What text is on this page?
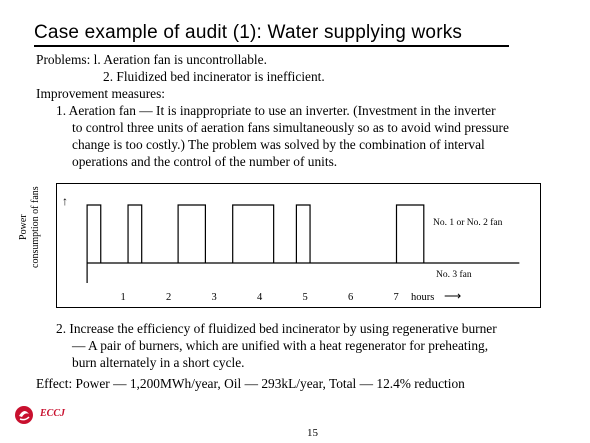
Case example of audit (1): Water supplying works
Problems: l. Aeration fan is uncontrollable.
2. Fluidized bed incinerator is inefficient.
Improvement measures:
1. Aeration fan — It is inappropriate to use an inverter. (Investment in the inverter
to control three units of aeration fans simultaneously so as to avoid wind pressure
change is too costly.) The problem was solved by the combination of interval
operations and the control of the number of units.
Power consumption of fans ↑
No. 1 or No. 2 fan
No. 3 fan
1	2	3	4	5	6	7 hours ⟶
2. Increase the efficiency of fluidized bed incinerator by using regenerative burner
— A pair of burners, which are unified with a heat regenerator for preheating,
burn alternately in a short cycle.
Effect: Power — 1,200MWh/year, Oil — 293kL/year, Total — 12.4% reduction
ECCJ
15
